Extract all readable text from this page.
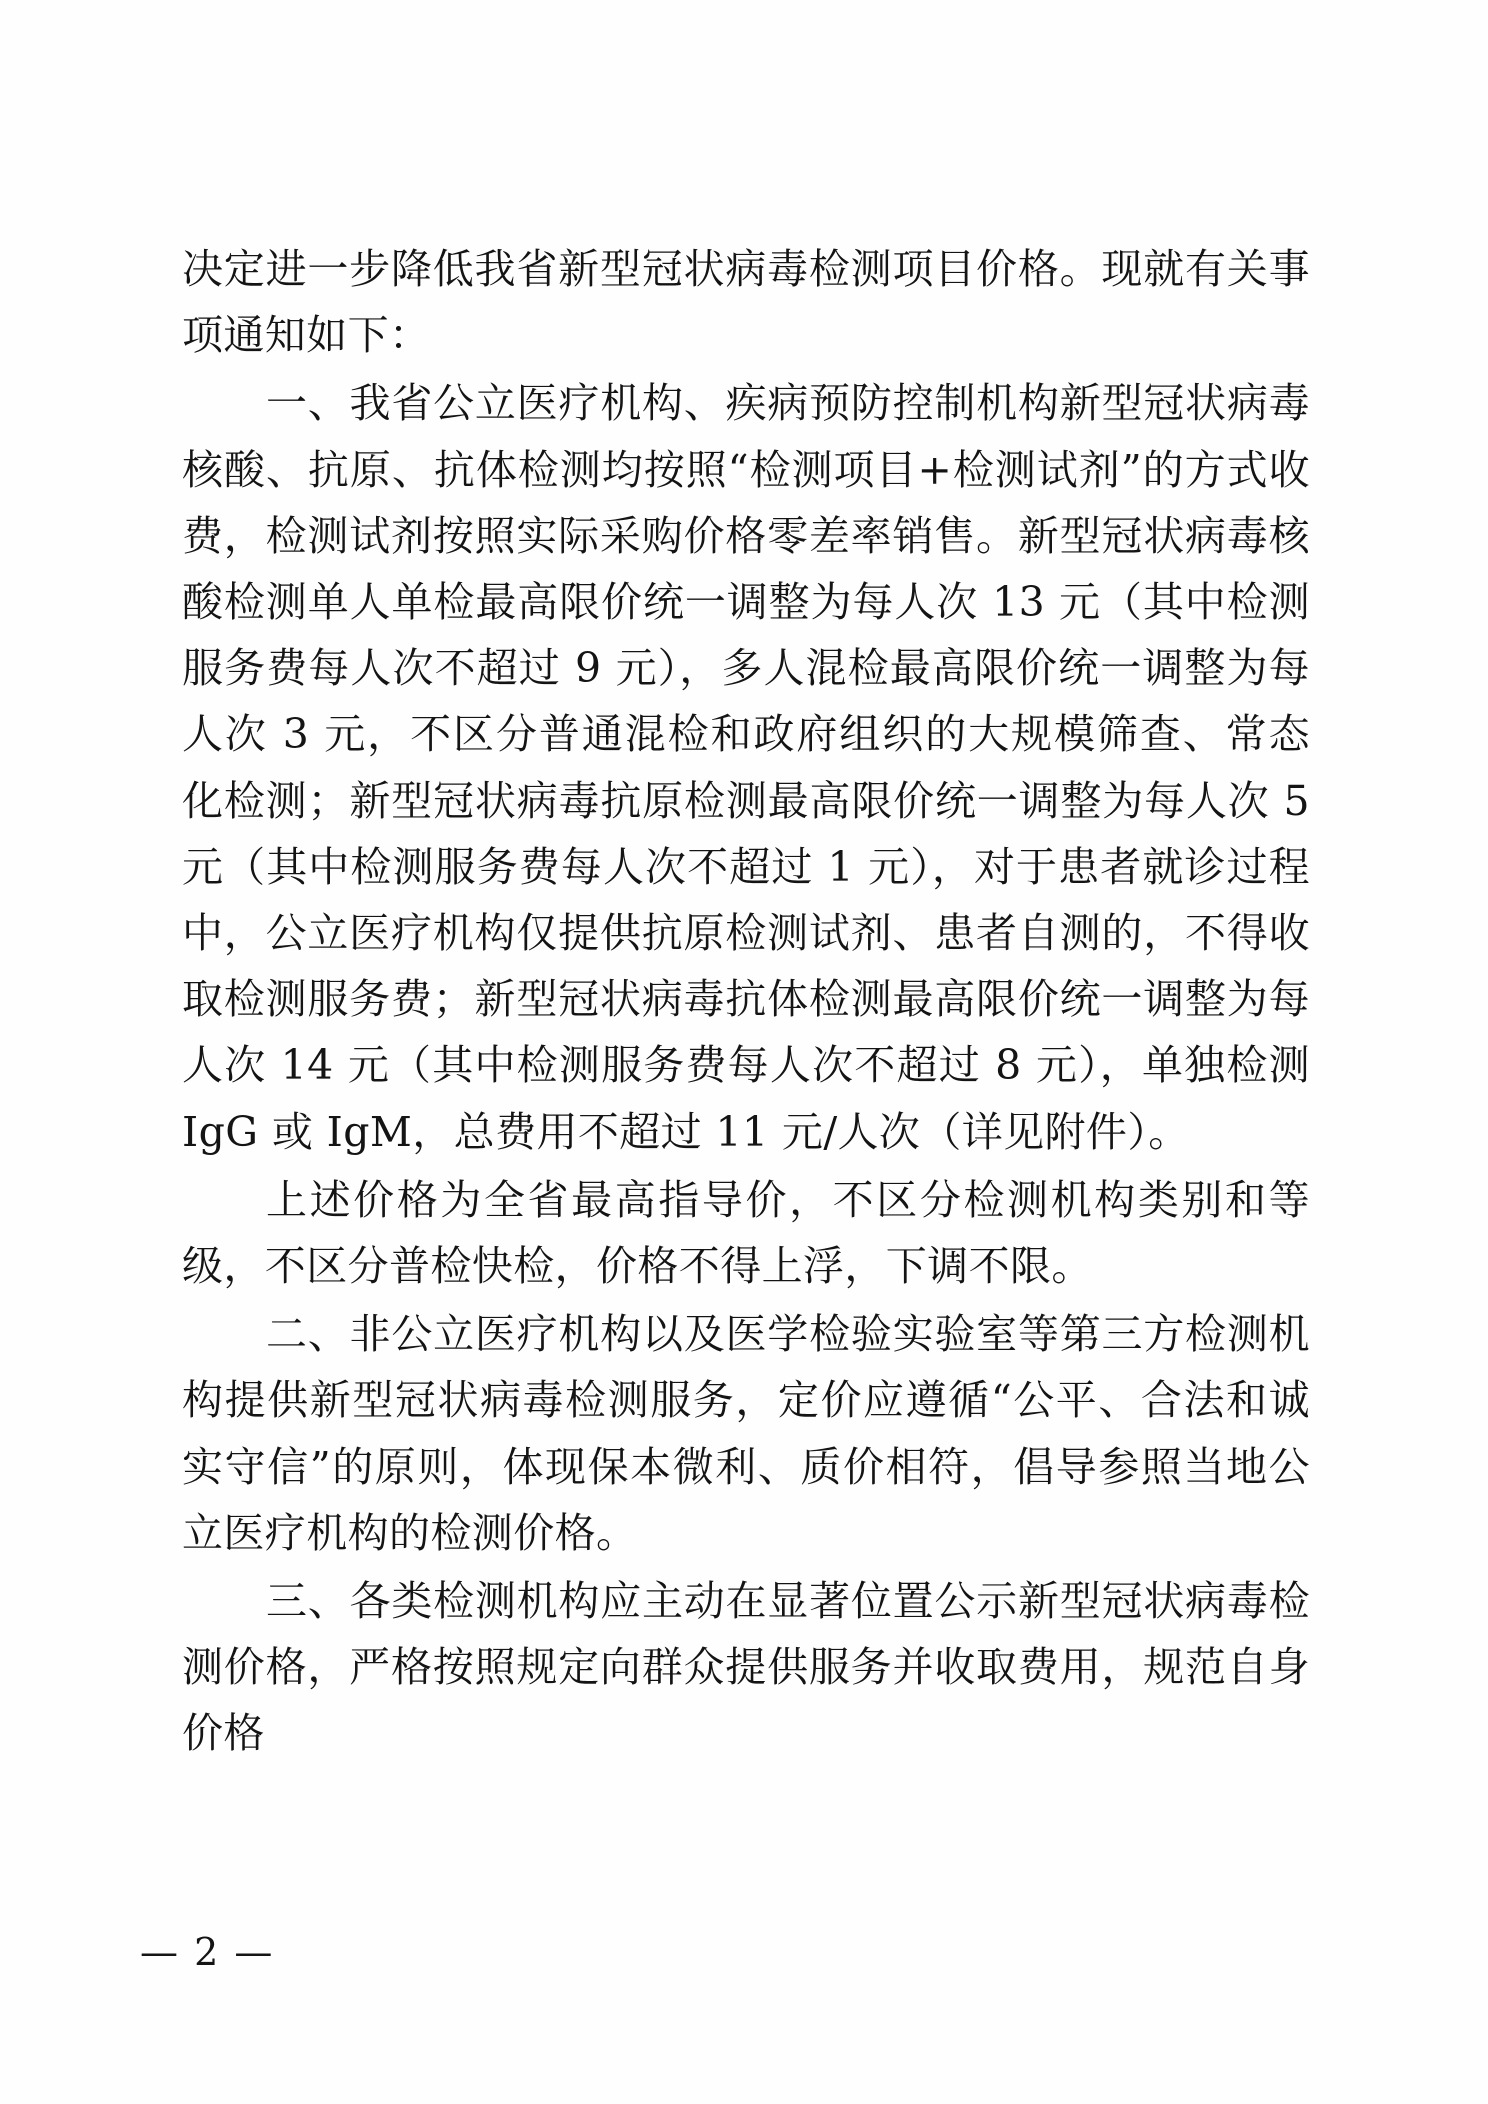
决定进一步降低我省新型冠状病毒检测项目价格。现就有关事项通知如下：

一、我省公立医疗机构、疾病预防控制机构新型冠状病毒核酸、抗原、抗体检测均按照“检测项目+检测试剂”的方式收费，检测试剂按照实际采购价格零差率销售。新型冠状病毒核酸检测单人单检最高限价统一调整为每人次 13 元（其中检测服务费每人次不超过 9 元），多人混检最高限价统一调整为每人次 3 元，不区分普通混检和政府组织的大规模筛查、常态化检测；新型冠状病毒抗原检测最高限价统一调整为每人次 5 元（其中检测服务费每人次不超过 1 元），对于患者就诊过程中，公立医疗机构仅提供抗原检测试剂、患者自测的，不得收取检测服务费；新型冠状病毒抗体检测最高限价统一调整为每人次 14 元（其中检测服务费每人次不超过 8 元），单独检测 IgG 或 IgM，总费用不超过 11 元/人次（详见附件）。

上述价格为全省最高指导价，不区分检测机构类别和等级，不区分普检快检，价格不得上浮，下调不限。

二、非公立医疗机构以及医学检验实验室等第三方检测机构提供新型冠状病毒检测服务，定价应遵循“公平、合法和诚实守信”的原则，体现保本微利、质价相符，倡导参照当地公立医疗机构的检测价格。

三、各类检测机构应主动在显著位置公示新型冠状病毒检测价格，严格按照规定向群众提供服务并收取费用，规范自身价格

— 2 —
